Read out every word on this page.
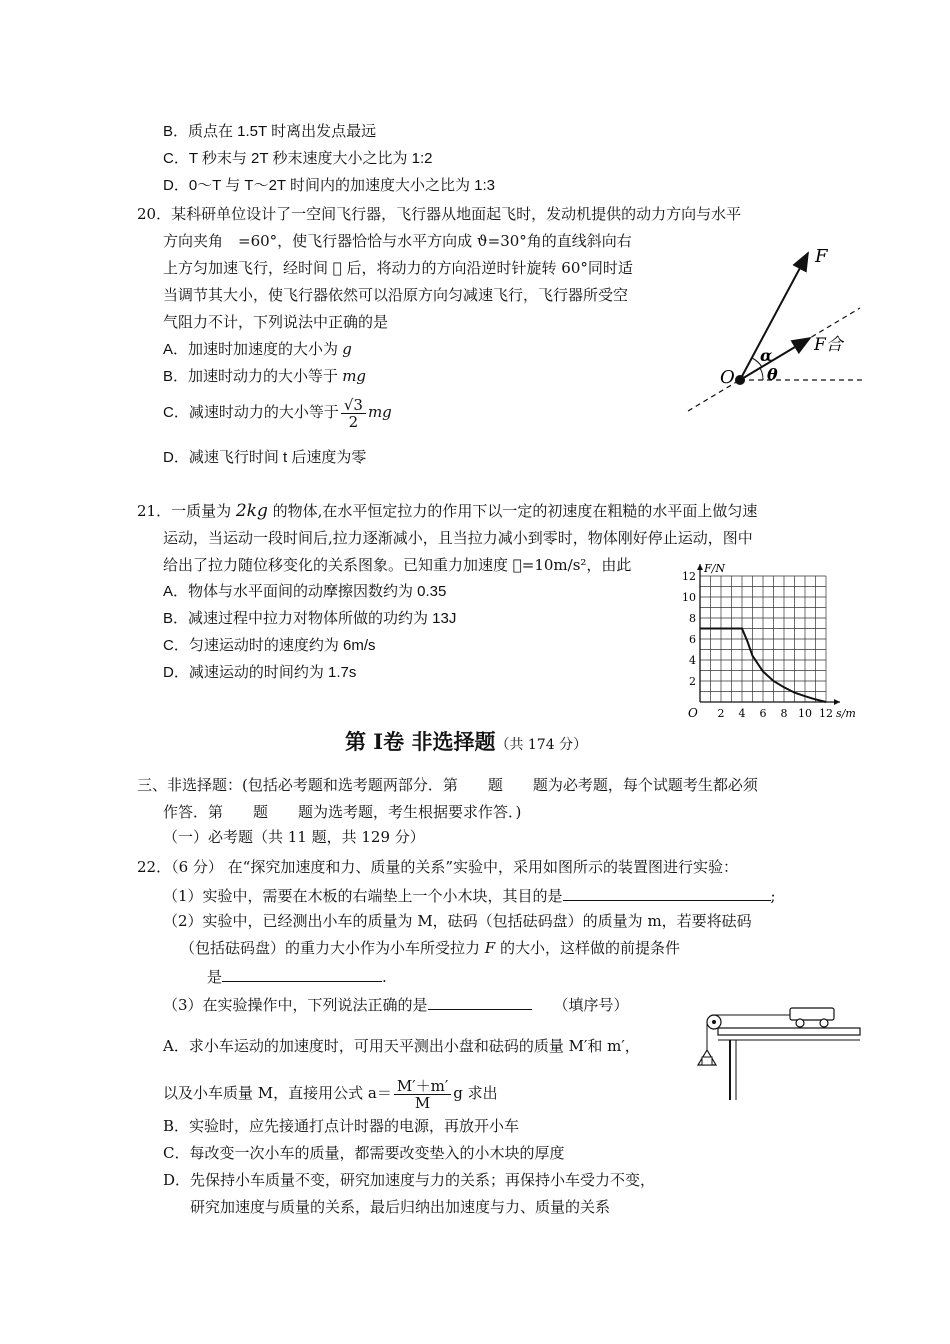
B．质点在 1.5T 时离出发点最远
C．T 秒末与 2T 秒末速度大小之比为 1:2
D．0～T 与 T～2T 时间内的加速度大小之比为 1:3
20．某科研单位设计了一空间飞行器，飞行器从地面起飞时，发动机提供的动力方向与水平
方向夹角　=60°，使飞行器恰恰与水平方向成 ϑ=30°角的直线斜向右
上方匀加速飞行，经时间 󰀀 后，将动力的方向沿逆时针旋转 60°同时适
当调节其大小，使飞行器依然可以沿原方向匀减速飞行，飞行器所受空
气阻力不计，下列说法中正确的是
A．加速时加速度的大小为 g
B．加速时动力的大小等于 mg
C．减速时动力的大小等于 $\frac{√3}{2}$ mg
D．减速飞行时间 t 后速度为零
F
F合
O
α
θ
21．一质量为 2kg 的物体,在水平恒定拉力的作用下以一定的初速度在粗糙的水平面上做匀速
运动，当运动一段时间后,拉力逐渐减小，且当拉力减小到零时，物体刚好停止运动，图中
给出了拉力随位移变化的关系图象。已知重力加速度 󰀀=10m/s²，由此
A．物体与水平面间的动摩擦因数约为 0.35
B．减速过程中拉力对物体所做的功约为 13J
C．匀速运动时的速度约为 6m/s
D．减速运动的时间约为 1.7s
2 4 6 8 10 12
2
4
6
8
10
12
O	s/m
F/N
第 Ⅰ卷 非选择题（共 174 分）
三、非选择题：(包括必考题和选考题两部分．第　　题　　题为必考题，每个试题考生都必须
作答．第　　题　　题为选考题，考生根据要求作答．)
（一）必考题（共 11 题，共 129 分）
22．（6 分） 在“探究加速度和力、质量的关系”实验中，采用如图所示的装置图进行实验：
（1）实验中，需要在木板的右端垫上一个小木块，其目的是	;
（2）实验中，已经测出小车的质量为 M，砝码（包括砝码盘）的质量为 m，若要将砝码
（包括砝码盘）的重力大小作为小车所受拉力 F 的大小，这样做的前提条件
是	.
（3）在实验操作中，下列说法正确的是	（填序号）
A．求小车运动的加速度时，可用天平测出小盘和砝码的质量 M′和 m′，
以及小车质量 M，直接用公式 $a= \frac{M'+m'}{M}$ g 求出
B．实验时，应先接通打点计时器的电源，再放开小车
C．每改变一次小车的质量，都需要改变垫入的小木块的厚度
D．先保持小车质量不变，研究加速度与力的关系；再保持小车受力不变，
研究加速度与质量的关系，最后归纳出加速度与力、质量的关系
